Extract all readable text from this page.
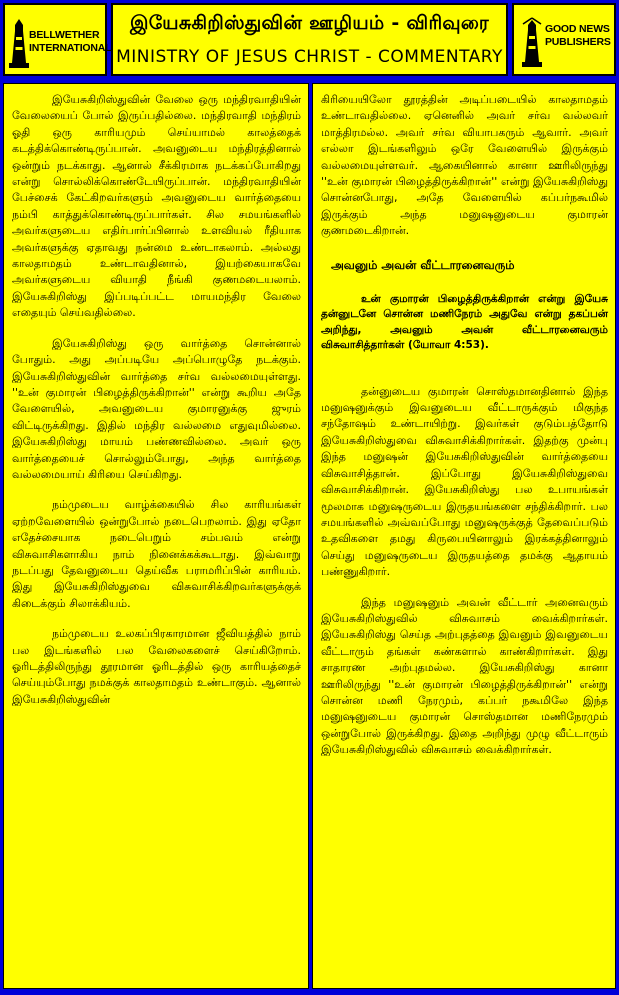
BELLWETHER
INTERNATIONAL
இயேசுகிறிஸ்துவின் ஊழியம் - விரிவுரை
MINISTRY OF JESUS CHRIST - COMMENTARY
GOOD NEWS
PUBLISHERS

இயேசுகிறிஸ்துவின் வேலை ஒரு மந்திரவாதியின் வேலையைப் போல் இருப்பதில்லை. மந்திரவாதி மந்திரம் ஓதி ஒரு காரியமும் செய்யாமல் காலத்தைக் கடத்திக்கொண்டிருப்பான். அவனுடைய மந்திரத்தினால் ஒன்றும் நடக்காது. ஆனால் சீக்கிரமாக நடக்கப்போகிறது என்று சொல்லிக்கொண்டேயிருப்பான். மந்திரவாதியின் பேச்சைக் கேட்கிறவர்களும் அவனுடைய வார்த்தையை நம்பி காத்துக்கொண்டிருப்பார்கள். சில சமயங்களில் அவர்களுடைய எதிர்பார்ப்பினால் உளவியல் ரீதியாக அவர்களுக்கு ஏதாவது நன்மை உண்டாகலாம். அல்லது காலதாமதம் உண்டாவதினால், இயற்கையாகவே அவர்களுடைய வியாதி நீங்கி குணமடையலாம். இயேசுகிறிஸ்து இப்படிப்பட்ட மாயமந்திர வேலை எதையும் செய்வதில்லை.

இயேசுகிறிஸ்து ஒரு வார்த்தை சொன்னால் போதும். அது அப்படியே அப்பொழுதே நடக்கும். இயேசுகிறிஸ்துவின் வார்த்தை சர்வ வல்லமையுள்ளது. ''உன் குமாரன் பிழைத்திருக்கிறான்'' என்று கூறிய அதே வேளையில், அவனுடைய குமாரனுக்கு ஜுரம் விட்டிருக்கிறது. இதில் மந்திர வல்லமை எதுவுமில்லை. இயேசுகிறிஸ்து மாயம் பண்ணவில்லை. அவர் ஒரு வார்த்தையைச் சொல்லும்போது, அந்த வார்த்தை வல்லமையாய் கிரியை செய்கிறது.

நம்முடைய வாழ்க்கையில் சில காரியங்கள் ஏற்றவேளையில் ஒன்றுபோல் நடைபெறலாம். இது ஏதோ எதேச்சையாக நடைபெறும் சம்பவம் என்று விசுவாசிகளாகிய நாம் நினைக்கக்கூடாது. இவ்வாறு நடப்பது தேவனுடைய தெய்வீக பராமரிப்பின் காரியம். இது இயேசுகிறிஸ்துவை விசுவாசிக்கிறவர்களுக்குக் கிடைக்கும் சிலாக்கியம்.

நம்முடைய உலகப்பிரகாரமான ஜீவியத்தில் நாம் பல இடங்களில் பல வேலைகளைச் செய்கிறோம். ஓரிடத்திலிருந்து தூரமான ஓரிடத்தில் ஒரு காரியத்தைச் செய்யும்போது நமக்குக் காலதாமதம் உண்டாகும். ஆனால் இயேசுகிறிஸ்துவின்

கிரியையிலோ தூரத்தின் அடிப்படையில் காலதாமதம் உண்டாவதில்லை. ஏனெனில் அவர் சர்வ வல்லவர் மாத்திரமல்ல. அவர் சர்வ வியாபகரும் ஆவார். அவர் எல்லா இடங்களிலும் ஒரே வேளையில் இருக்கும் வல்லமையுள்ளவர். ஆகையினால் கானா ஊரிலிருந்து ''உன் குமாரன் பிழைத்திருக்கிறான்'' என்று இயேசுகிறிஸ்து சொன்னபோது, அதே வேளையில் கப்பர்நகூமில் இருக்கும் அந்த மனுஷனுடைய குமாரன் குணமடைகிறான்.

அவனும் அவன் வீட்டாரனைவரும்

உன் குமாரன் பிழைத்திருக்கிறான் என்று இயேசு தன்னுடனே சொன்ன மணிநேரம் அதுவே என்று தகப்பன் அறிந்து, அவனும் அவன் வீட்டாரனைவரும் விசுவாசித்தார்கள் (யோவா 4:53).

தன்னுடைய குமாரன் சொஸ்தமானதினால் இந்த மனுஷனுக்கும் இவனுடைய வீட்டாருக்கும் மிகுந்த சந்தோஷம் உண்டாயிற்று. இவர்கள் குடும்பத்தோடு இயேசுகிறிஸ்துவை விசுவாசிக்கிறார்கள். இதற்கு முன்பு இந்த மனுஷன் இயேசுகிறிஸ்துவின் வார்த்தையை விசுவாசித்தான். இப்போது இயேசுகிறிஸ்துவை விசுவாசிக்கிறான். இயேசுகிறிஸ்து பல உபாயங்கள் மூலமாக மனுஷருடைய இருதயங்களை சந்திக்கிறார். பல சமயங்களில் அவ்வப்போது மனுஷருக்குத் தேவைப்படும் உதவிகளை தமது கிருபையினாலும் இரக்கத்தினாலும் செய்து மனுஷருடைய இருதயத்தை தமக்கு ஆதாயம் பண்ணுகிறார்.

இந்த மனுஷனும் அவன் வீட்டார் அனைவரும் இயேசுகிறிஸ்துவில் விசுவாசம் வைக்கிறார்கள். இயேசுகிறிஸ்து செய்த அற்புதத்தை இவனும் இவனுடைய வீட்டாரும் தங்கள் கண்களால் காண்கிறார்கள். இது சாதாரண அற்புதமல்ல. இயேசுகிறிஸ்து கானா ஊரிலிருந்து ''உன் குமாரன் பிழைத்திருக்கிறான்'' என்று சொன்ன மணி நேரமும், கப்பர் நகூமிலே இந்த மனுஷனுடைய குமாரன் சொஸ்தமான மணிநேரமும் ஒன்றுபோல் இருக்கிறது. இதை அறிந்து முழு வீட்டாரும் இயேசுகிறிஸ்துவில் விசுவாசம் வைக்கிறார்கள்.
